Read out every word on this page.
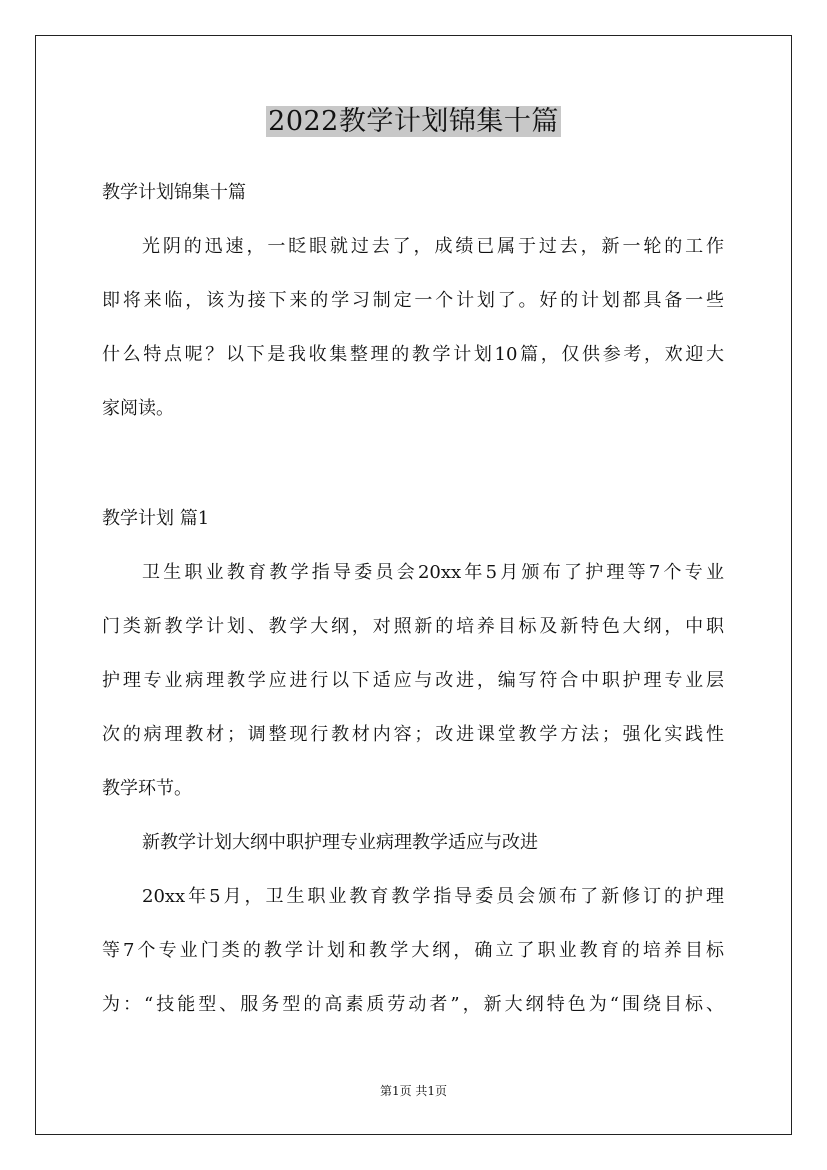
2022教学计划锦集十篇

教学计划锦集十篇

光阴的迅速，一眨眼就过去了，成绩已属于过去，新一轮的工作

即将来临，该为接下来的学习制定一个计划了。好的计划都具备一些

什么特点呢？以下是我收集整理的教学计划10篇，仅供参考，欢迎大

家阅读。

教学计划 篇1

卫生职业教育教学指导委员会20xx年5月颁布了护理等7个专业

门类新教学计划、教学大纲，对照新的培养目标及新特色大纲，中职

护理专业病理教学应进行以下适应与改进，编写符合中职护理专业层

次的病理教材；调整现行教材内容；改进课堂教学方法；强化实践性

教学环节。

新教学计划大纲中职护理专业病理教学适应与改进

20xx年5月，卫生职业教育教学指导委员会颁布了新修订的护理

等7个专业门类的教学计划和教学大纲，确立了职业教育的培养目标

为：“技能型、服务型的高素质劳动者”，新大纲特色为“围绕目标、

第1页 共1页
